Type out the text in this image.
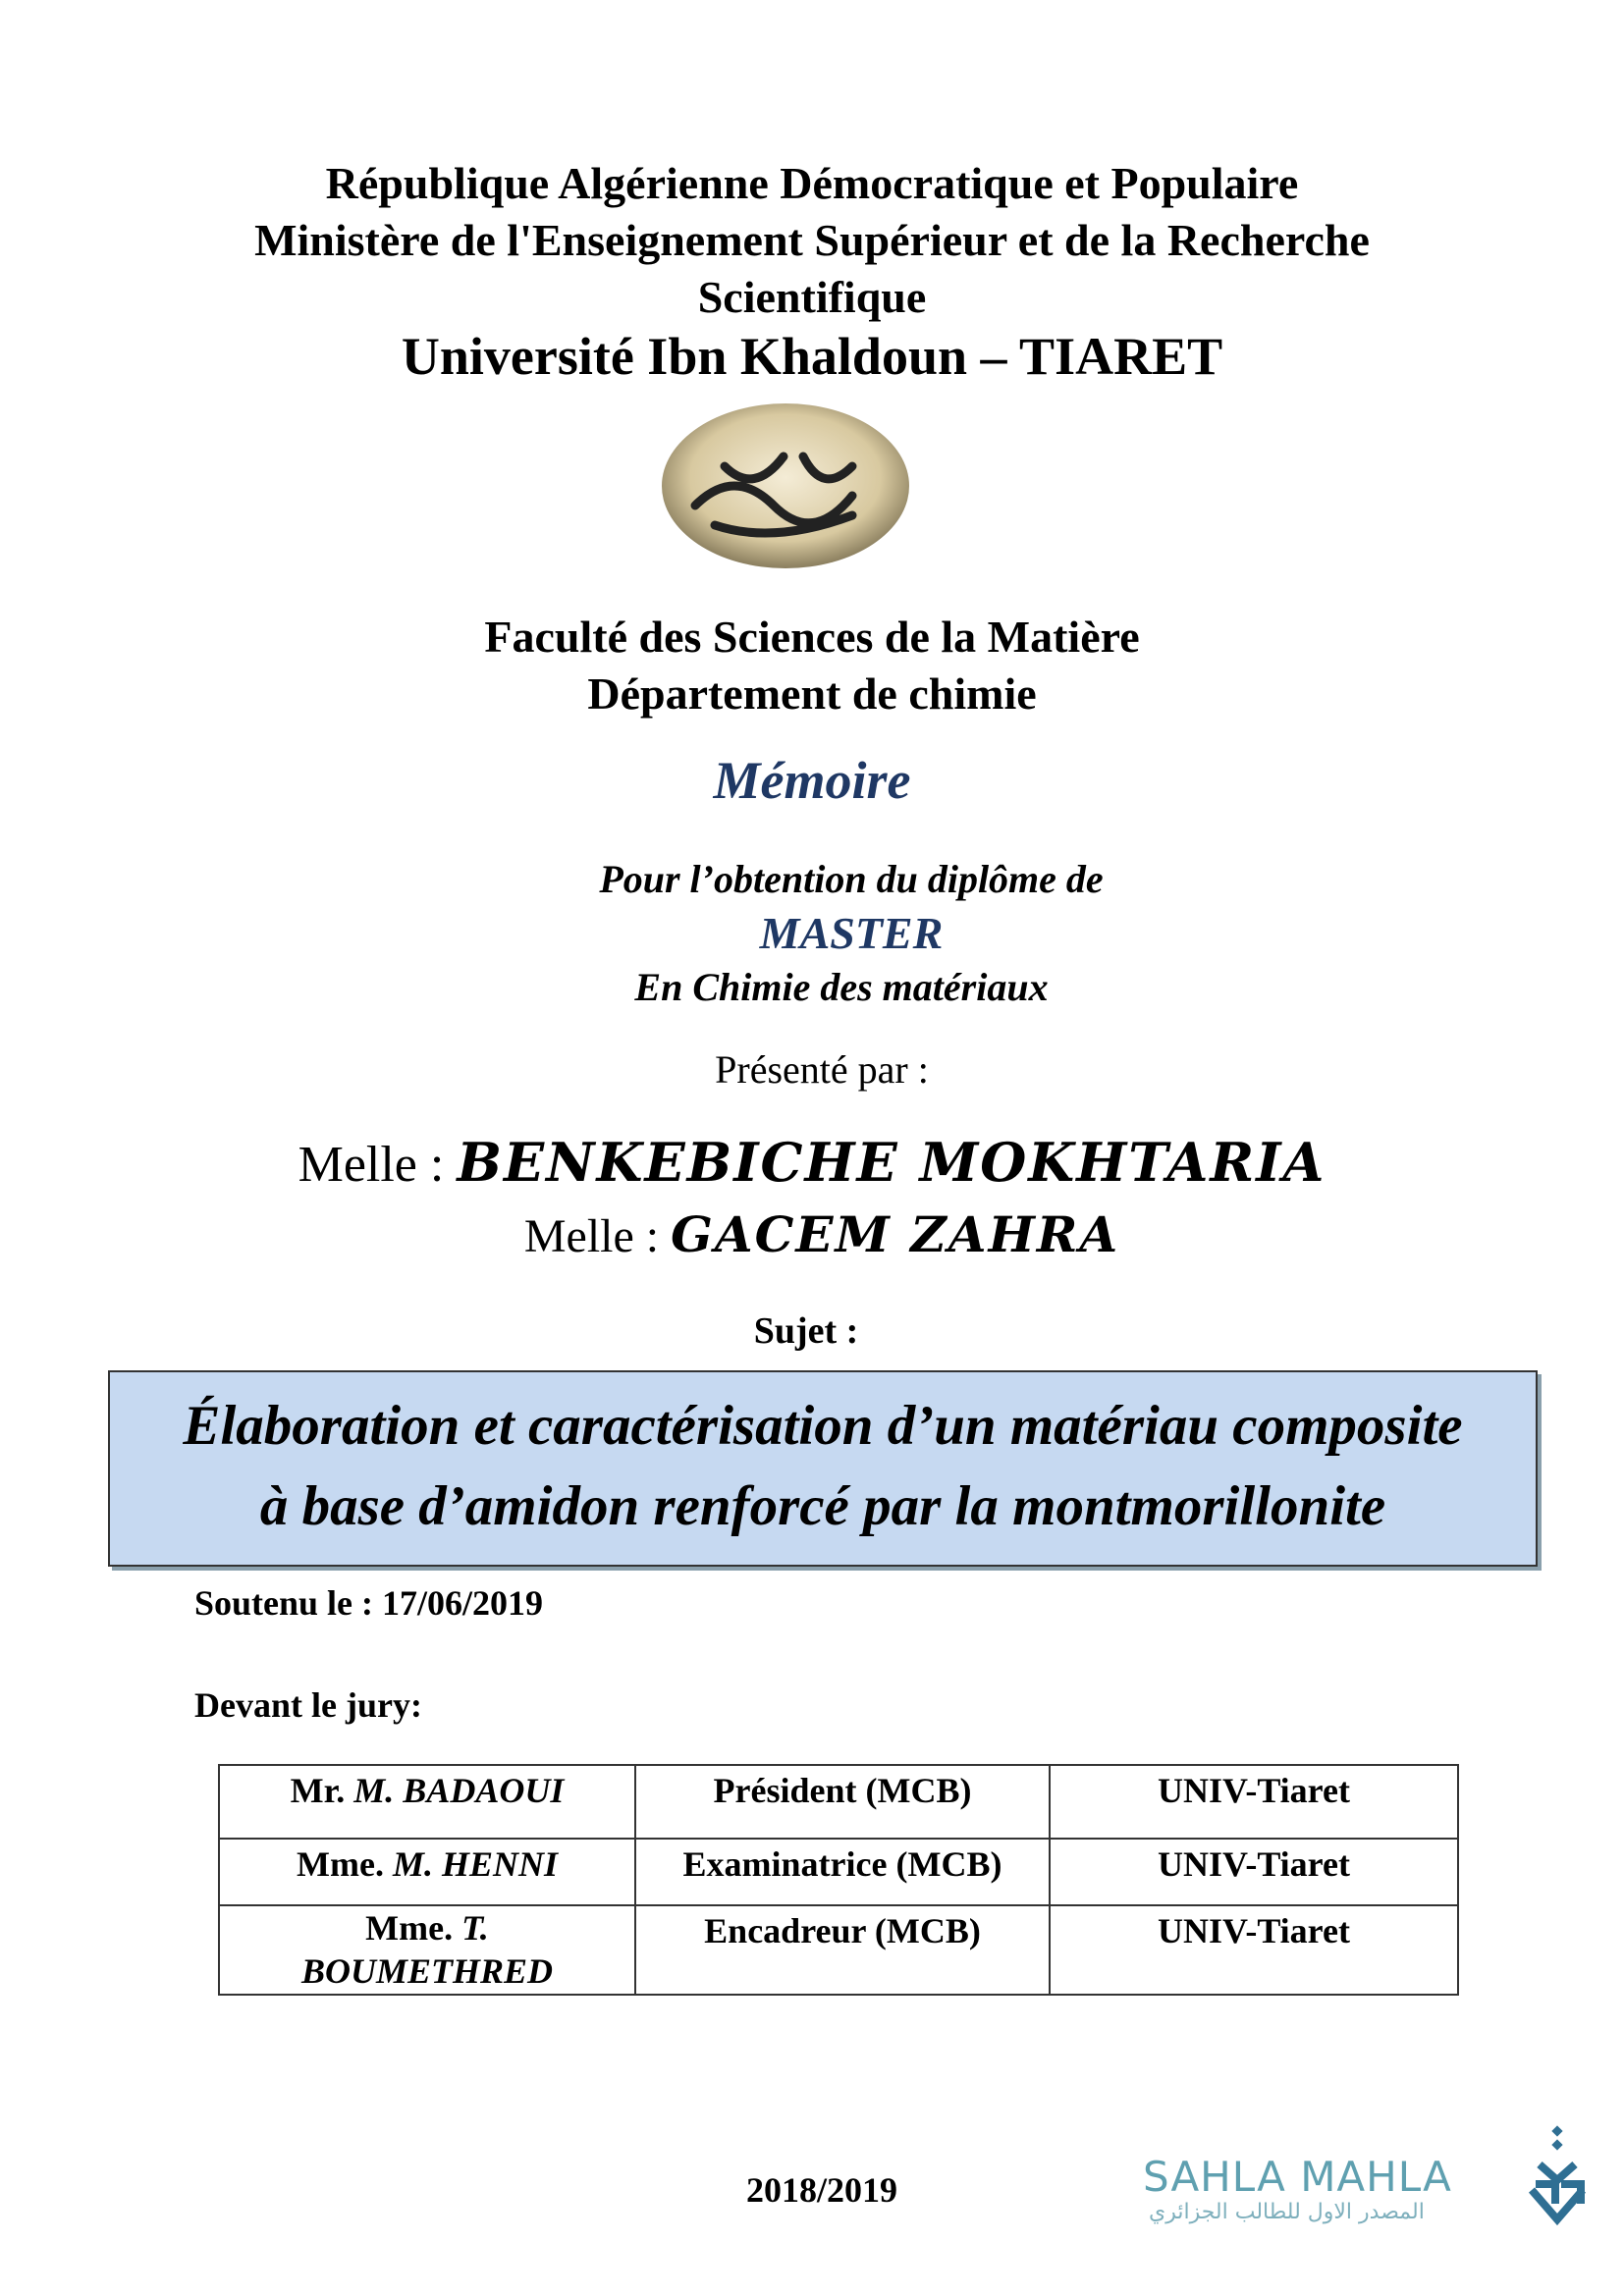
République Algérienne Démocratique et Populaire
Ministère de l'Enseignement Supérieur et de la Recherche
Scientifique
Université Ibn Khaldoun – TIARET
Faculté des Sciences de la Matière
Département de chimie
Mémoire
Pour l’obtention du diplôme de
MASTER
En Chimie des matériaux
Présenté par :
Melle : BENKEBICHE MOKHTARIA
Melle : GACEM ZAHRA
Sujet :
Élaboration et caractérisation d’un matériau composite
à base d’amidon renforcé par la montmorillonite
Soutenu le : 17/06/2019
Devant le jury:
Mr. M. BADAOUI	Président (MCB)	UNIV-Tiaret
Mme. M. HENNI	Examinatrice (MCB)	UNIV-Tiaret
Mme. T. BOUMETHRED	Encadreur (MCB)	UNIV-Tiaret
2018/2019	SAHLA MAHLA
المصدر الاول للطالب الجزائري
